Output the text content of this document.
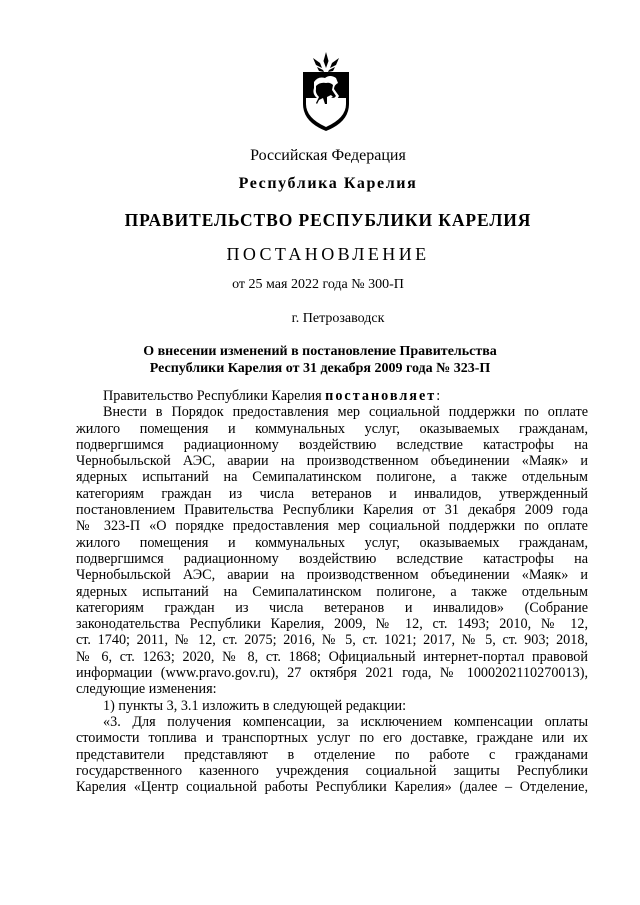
Российская Федерация
Республика Карелия
ПРАВИТЕЛЬСТВО РЕСПУБЛИКИ КАРЕЛИЯ
ПОСТАНОВЛЕНИЕ
от 25 мая 2022 года № 300-П
г. Петрозаводск
О внесении изменений в постановление Правительства
Республики Карелия от 31 декабря 2009 года № 323-П
Правительство Республики Карелия постановляет:
Внести в Порядок предоставления мер социальной поддержки по оплате
жилого помещения и коммунальных услуг, оказываемых гражданам,
подвергшимся радиационному воздействию вследствие катастрофы на
Чернобыльской АЭС, аварии на производственном объединении «Маяк» и
ядерных испытаний на Семипалатинском полигоне, а также отдельным
категориям граждан из числа ветеранов и инвалидов, утвержденный
постановлением Правительства Республики Карелия от 31 декабря 2009 года
№ 323-П «О порядке предоставления мер социальной поддержки по оплате
жилого помещения и коммунальных услуг, оказываемых гражданам,
подвергшимся радиационному воздействию вследствие катастрофы на
Чернобыльской АЭС, аварии на производственном объединении «Маяк» и
ядерных испытаний на Семипалатинском полигоне, а также отдельным
категориям граждан из числа ветеранов и инвалидов» (Собрание
законодательства Республики Карелия, 2009, № 12, ст. 1493; 2010, № 12,
ст. 1740; 2011, № 12, ст. 2075; 2016, № 5, ст. 1021; 2017, № 5, ст. 903; 2018,
№ 6, ст. 1263; 2020, № 8, ст. 1868; Официальный интернет-портал правовой
информации (www.pravo.gov.ru), 27 октября 2021 года, № 1000202110270013),
следующие изменения:
1) пункты 3, 3.1 изложить в следующей редакции:
«3. Для получения компенсации, за исключением компенсации оплаты
стоимости топлива и транспортных услуг по его доставке, граждане или их
представители представляют в отделение по работе с гражданами
государственного казенного учреждения социальной защиты Республики
Карелия «Центр социальной работы Республики Карелия» (далее – Отделение,
